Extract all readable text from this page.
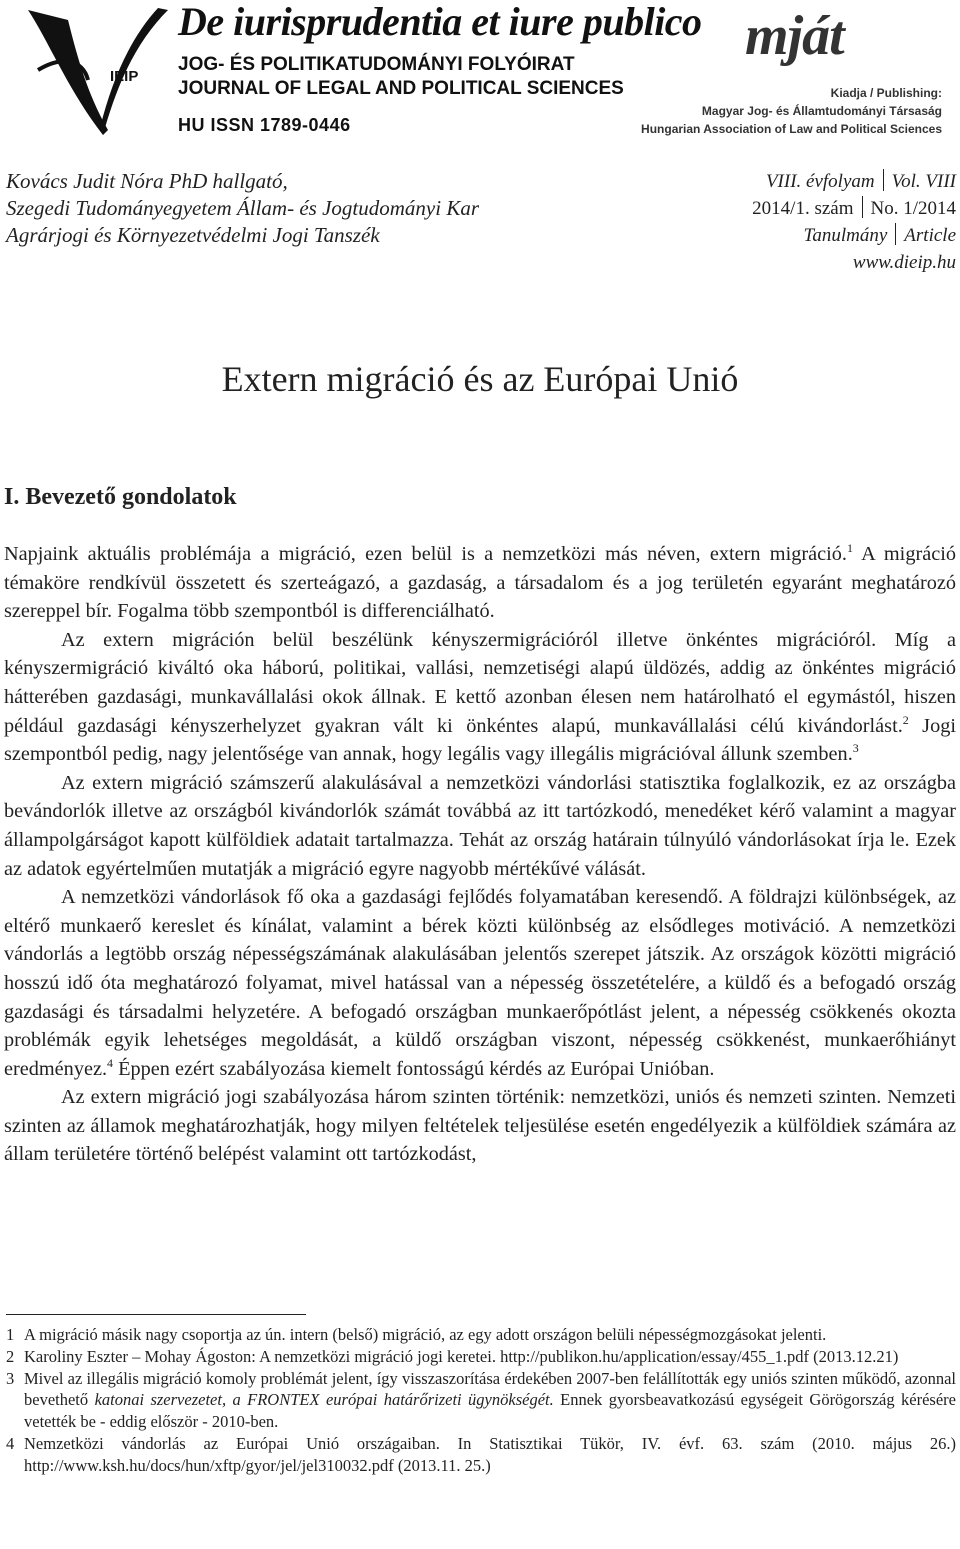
IEIP
De iurisprudentia et iure publico
JOG- ÉS POLITIKATUDOMÁNYI FOLYÓIRAT
JOURNAL OF LEGAL AND POLITICAL SCIENCES
HU ISSN 1789-0446
mját
Kiadja / Publishing:
Magyar Jog- és Államtudományi Társaság
Hungarian Association of Law and Political Sciences
Kovács Judit Nóra PhD hallgató,
Szegedi Tudományegyetem Állam- és Jogtudományi Kar
Agrárjogi és Környezetvédelmi Jogi Tanszék
VIII. évfolyam Vol. VIII
2014/1. szám No. 1/2014
Tanulmány Article
www.dieip.hu
Extern migráció és az Európai Unió
I. Bevezető gondolatok

Napjaink aktuális problémája a migráció, ezen belül is a nemzetközi más néven, extern migráció.$^1$ A migráció témaköre rendkívül összetett és szerteágazó, a gazdaság, a társadalom és a jog területén egyaránt meghatározó szereppel bír. Fogalma több szempontból is differenciálható.

Az extern migráción belül beszélünk kényszermigrációról illetve önkéntes migrációról. Míg a kényszermigráció kiváltó oka háború, politikai, vallási, nemzetiségi alapú üldözés, addig az önkéntes migráció hátterében gazdasági, munkavállalási okok állnak. E kettő azonban élesen nem határolható el egymástól, hiszen például gazdasági kényszerhelyzet gyakran vált ki önkéntes alapú, munkavállalási célú kivándorlást.$^2$ Jogi szempontból pedig, nagy jelentősége van annak, hogy legális vagy illegális migrációval állunk szemben.$^3$

Az extern migráció számszerű alakulásával a nemzetközi vándorlási statisztika foglalkozik, ez az országba bevándorlók illetve az országból kivándorlók számát továbbá az itt tartózkodó, menedéket kérő valamint a magyar állampolgárságot kapott külföldiek adatait tartalmazza. Tehát az ország határain túlnyúló vándorlásokat írja le. Ezek az adatok egyértelműen mutatják a migráció egyre nagyobb mértékűvé válását.

A nemzetközi vándorlások fő oka a gazdasági fejlődés folyamatában keresendő. A földrajzi különbségek, az eltérő munkaerő kereslet és kínálat, valamint a bérek közti különbség az elsődleges motiváció. A nemzetközi vándorlás a legtöbb ország népességszámának alakulásában jelentős szerepet játszik. Az országok közötti migráció hosszú idő óta meghatározó folyamat, mivel hatással van a népesség összetételére, a küldő és a befogadó ország gazdasági és társadalmi helyzetére. A befogadó országban munkaerőpótlást jelent, a népesség csökkenés okozta problémák egyik lehetséges megoldását, a küldő országban viszont, népesség csökkenést, munkaerőhiányt eredményez.$^4$ Éppen ezért szabályozása kiemelt fontosságú kérdés az Európai Unióban.

Az extern migráció jogi szabályozása három szinten történik: nemzetközi, uniós és nemzeti szinten. Nemzeti szinten az államok meghatározhatják, hogy milyen feltételek teljesülése esetén engedélyezik a külföldiek számára az állam területére történő belépést valamint ott tartózkodást,

1 A migráció másik nagy csoportja az ún. intern (belső) migráció, az egy adott országon belüli népességmozgásokat jelenti.
2 Karoliny Eszter – Mohay Ágoston: A nemzetközi migráció jogi keretei. http://publikon.hu/application/essay/455_1.pdf (2013.12.21)
3 Mivel az illegális migráció komoly problémát jelent, így visszaszorítása érdekében 2007-ben felállították egy uniós szinten működő, azonnal bevethető katonai szervezetet, a FRONTEX európai határőrizeti ügynökségét. Ennek gyorsbeavatkozású egységeit Görögország kérésére vetették be - eddig először - 2010-ben.
4 Nemzetközi vándorlás az Európai Unió országaiban. In Statisztikai Tükör, IV. évf. 63. szám (2010. május 26.) http://www.ksh.hu/docs/hun/xftp/gyor/jel/jel310032.pdf (2013.11. 25.)
